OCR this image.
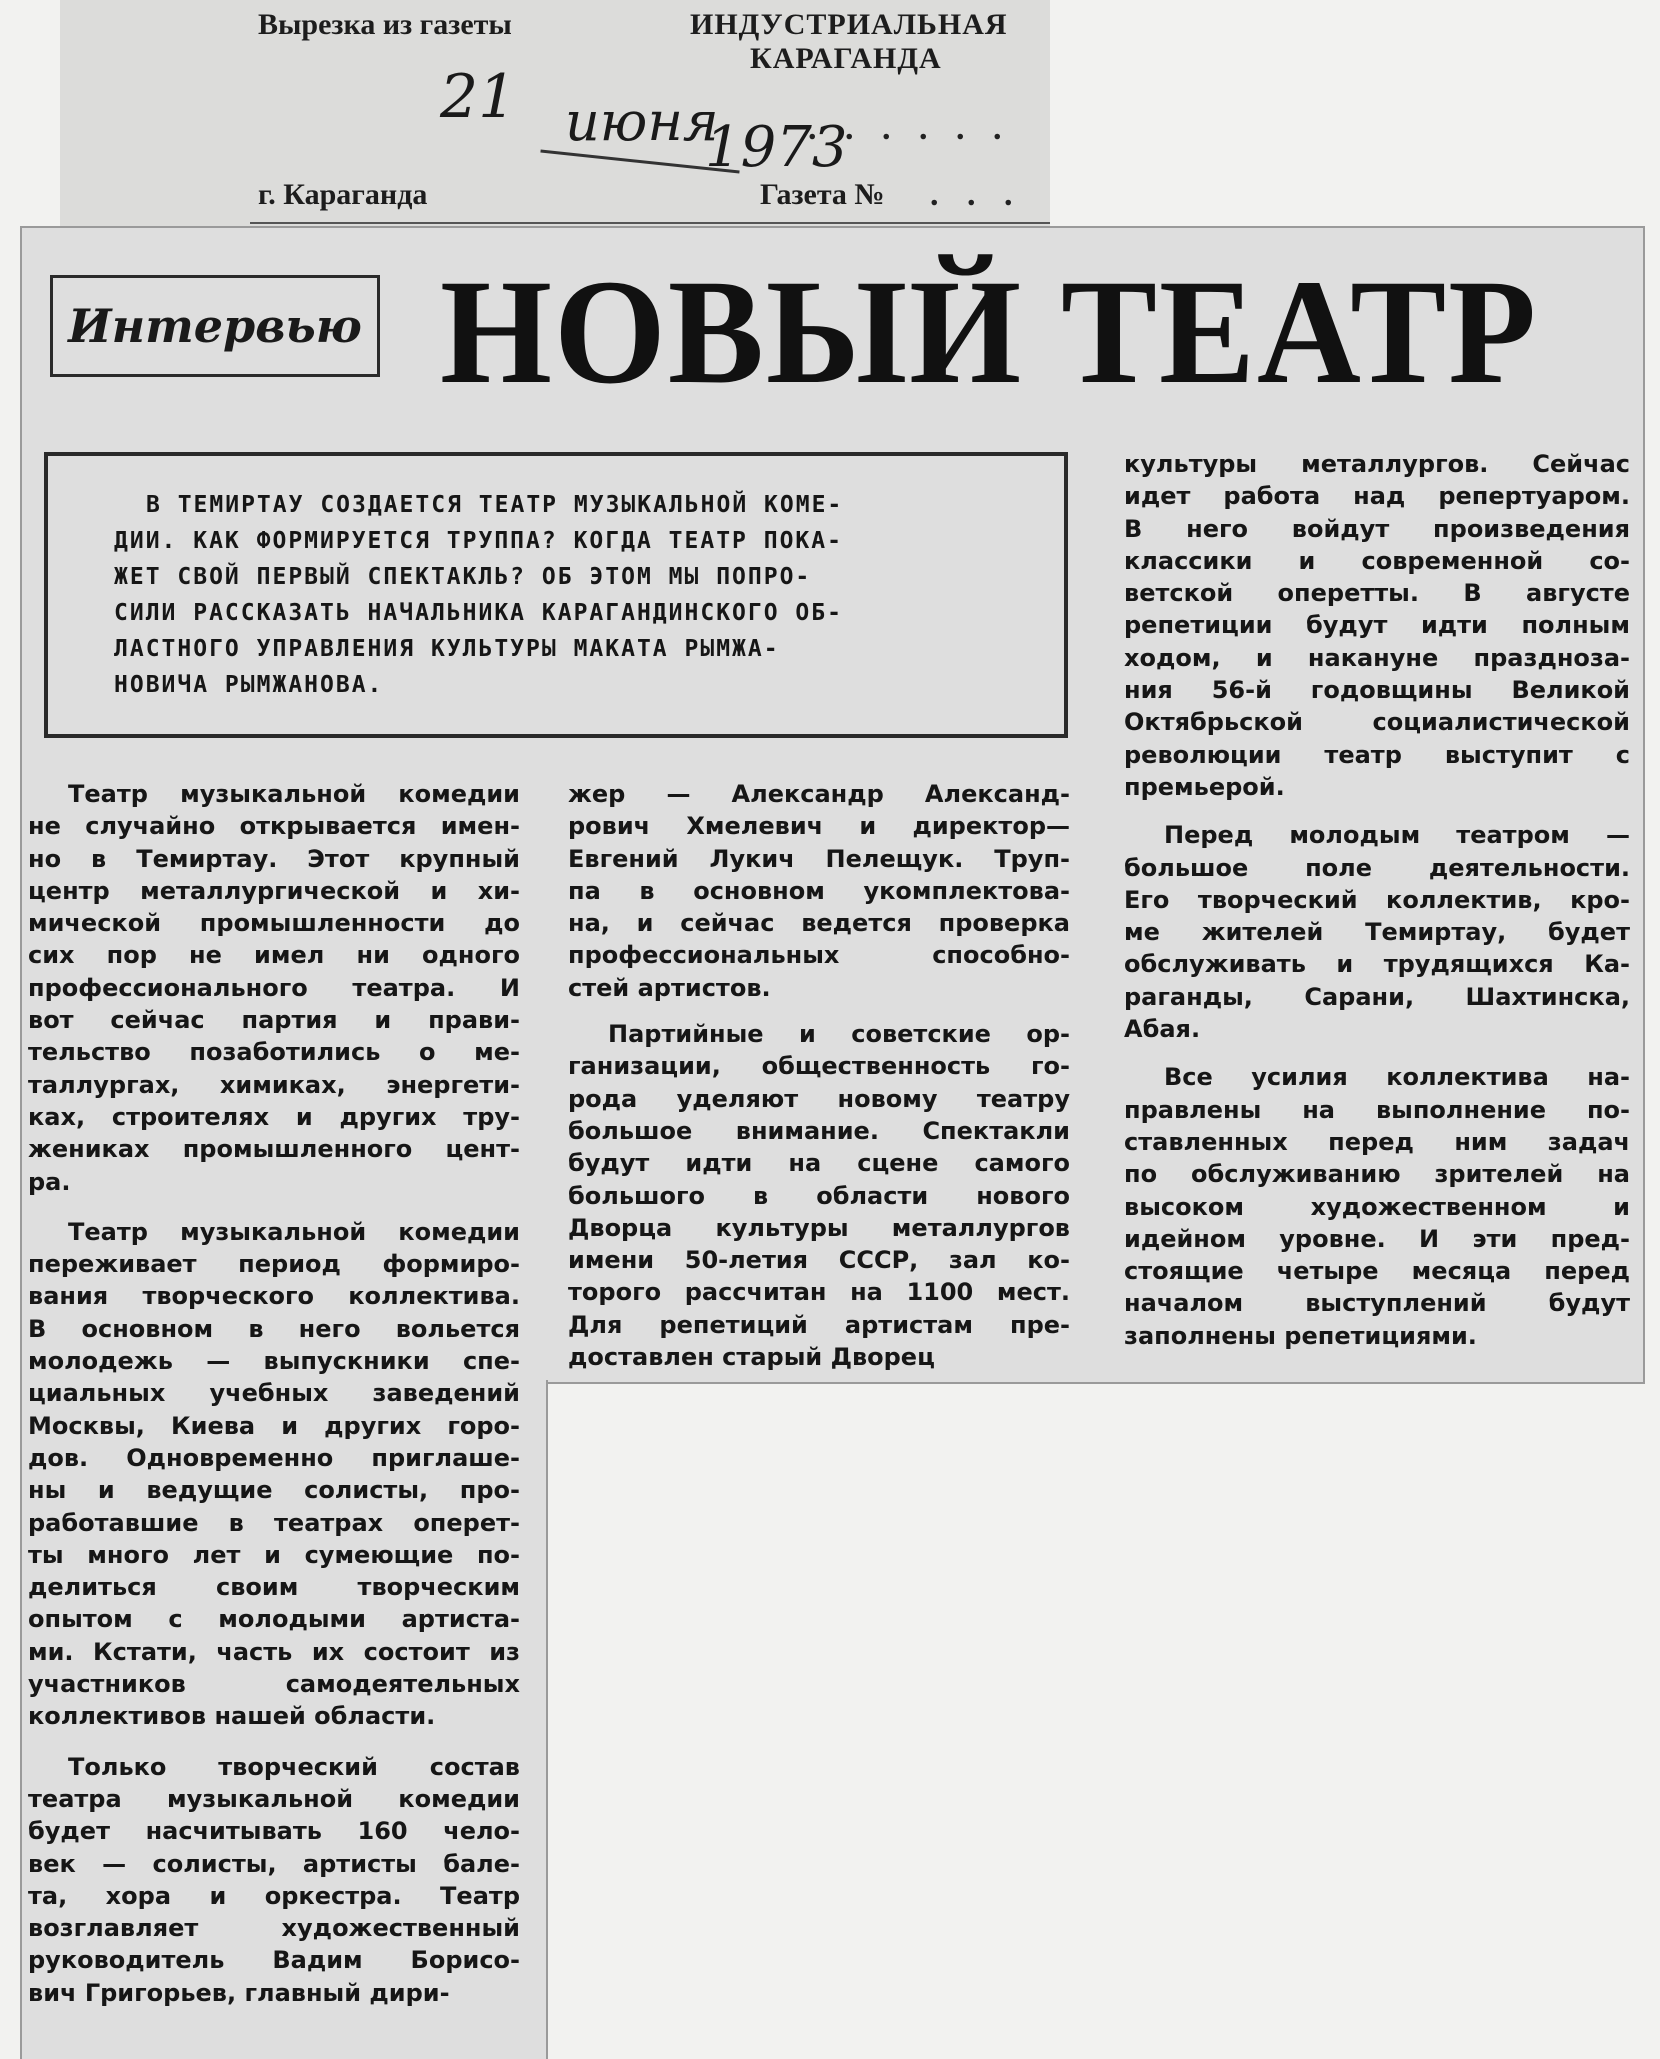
Вырезка из газеты	ИНДУСТРИАЛЬНАЯ
КАРАГАНДА
21 июня
1973
. . . . . .
г. Караганда	Газета № . . .
Интервью НОВЫЙ ТЕАТР
В ТЕМИРТАУ СОЗДАЕТСЯ ТЕАТР МУЗЫКАЛЬНОЙ КОМЕ-
ДИИ. КАК ФОРМИРУЕТСЯ ТРУППА? КОГДА ТЕАТР ПОКА-
ЖЕТ СВОЙ ПЕРВЫЙ СПЕКТАКЛЬ? ОБ ЭТОМ МЫ ПОПРО-
СИЛИ РАССКАЗАТЬ НАЧАЛЬНИКА КАРАГАНДИНСКОГО ОБ-
ЛАСТНОГО УПРАВЛЕНИЯ КУЛЬТУРЫ МАКАТА РЫМЖА-
НОВИЧА РЫМЖАНОВА.
Театр музыкальной комедии
не случайно открывается имен-
но в Темиртау. Этот крупный
центр металлургической и хи-
мической промышленности до
сих пор не имел ни одного
профессионального театра. И
вот сейчас партия и прави-
тельство позаботились о ме-
таллургах, химиках, энергети-
ках, строителях и других тру-
жениках промышленного цент-
ра.
Театр музыкальной комедии
переживает период формиро-
вания творческого коллектива.
В основном в него вольется
молодежь — выпускники спе-
циальных учебных заведений
Москвы, Киева и других горо-
дов. Одновременно приглаше-
ны и ведущие солисты, про-
работавшие в театрах оперет-
ты много лет и сумеющие по-
делиться своим творческим
опытом с молодыми артиста-
ми. Кстати, часть их состоит из
участников самодеятельных
коллективов нашей области.
Только творческий состав
театра музыкальной комедии
будет насчитывать 160 чело-
век — солисты, артисты бале-
та, хора и оркестра. Театр
возглавляет художественный
руководитель Вадим Борисо-
вич Григорьев, главный дири-
жер — Александр Александ-
рович Хмелевич и директор—
Евгений Лукич Пелещук. Труп-
па в основном укомплектова-
на, и сейчас ведется проверка
профессиональных способно-
стей артистов.
Партийные и советские ор-
ганизации, общественность го-
рода уделяют новому театру
большое внимание. Спектакли
будут идти на сцене самого
большого в области нового
Дворца культуры металлургов
имени 50-летия СССР, зал ко-
торого рассчитан на 1100 мест.
Для репетиций артистам пре-
доставлен старый Дворец
культуры металлургов. Сейчас
идет работа над репертуаром.
В него войдут произведения
классики и современной со-
ветской оперетты. В августе
репетиции будут идти полным
ходом, и накануне праздноза-
ния 56-й годовщины Великой
Октябрьской социалистической
революции театр выступит с
премьерой.
Перед молодым театром —
большое поле деятельности.
Его творческий коллектив, кро-
ме жителей Темиртау, будет
обслуживать и трудящихся Ка-
раганды, Сарани, Шахтинска,
Абая.
Все усилия коллектива на-
правлены на выполнение по-
ставленных перед ним задач
по обслуживанию зрителей на
высоком художественном и
идейном уровне. И эти пред-
стоящие четыре месяца перед
началом выступлений будут
заполнены репетициями.
